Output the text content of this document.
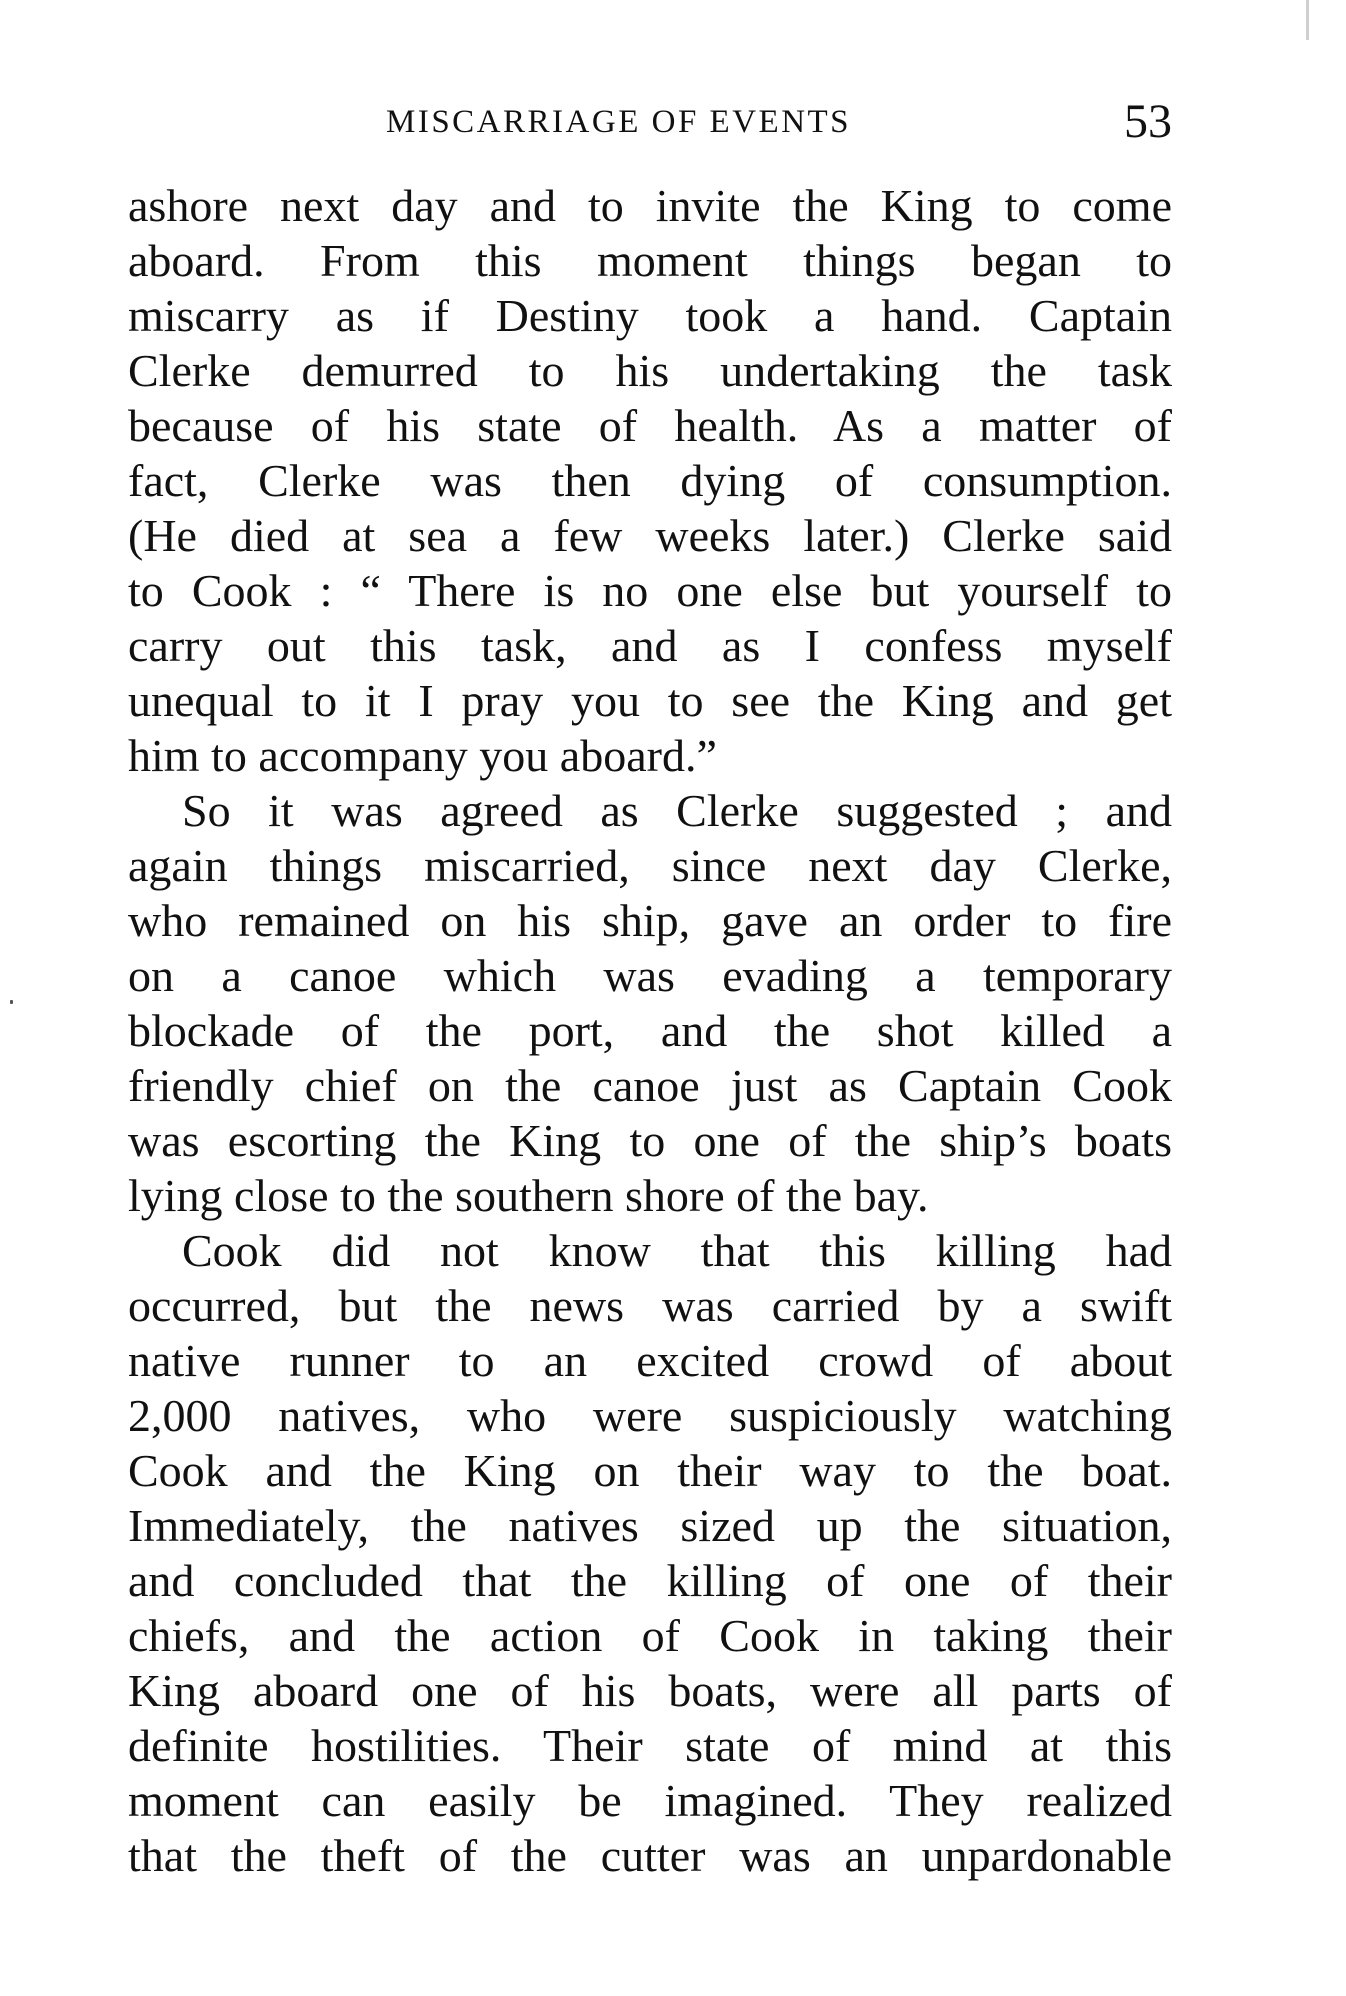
MISCARRIAGE OF EVENTS	53
ashore next day and to invite the King to come
aboard. From this moment things began to
miscarry as if Destiny took a hand. Captain
Clerke demurred to his undertaking the task
because of his state of health. As a matter of
fact, Clerke was then dying of consumption.
(He died at sea a few weeks later.) Clerke said
to Cook : “ There is no one else but yourself to
carry out this task, and as I confess myself
unequal to it I pray you to see the King and get
him to accompany you aboard.”
So it was agreed as Clerke suggested ; and
again things miscarried, since next day Clerke,
who remained on his ship, gave an order to fire
on a canoe which was evading a temporary
blockade of the port, and the shot killed a
friendly chief on the canoe just as Captain Cook
was escorting the King to one of the ship’s boats
lying close to the southern shore of the bay.
Cook did not know that this killing had
occurred, but the news was carried by a swift
native runner to an excited crowd of about
2,000 natives, who were suspiciously watching
Cook and the King on their way to the boat.
Immediately, the natives sized up the situation,
and concluded that the killing of one of their
chiefs, and the action of Cook in taking their
King aboard one of his boats, were all parts of
definite hostilities. Their state of mind at this
moment can easily be imagined. They realized
that the theft of the cutter was an unpardonable
